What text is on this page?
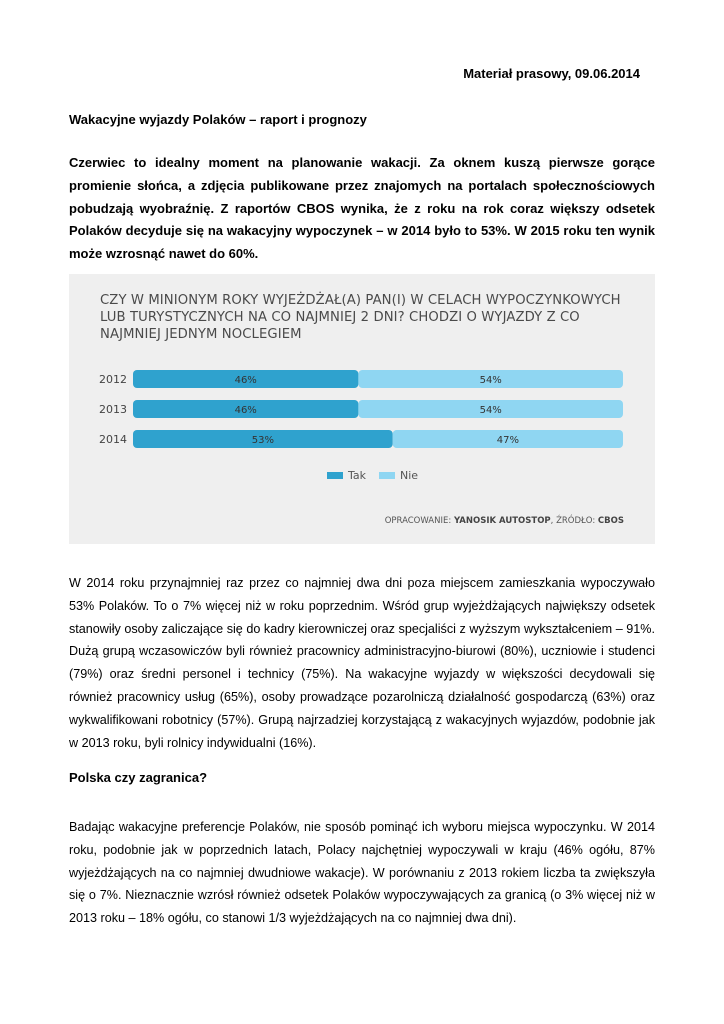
Materiał prasowy, 09.06.2014
Wakacyjne wyjazdy Polaków – raport i prognozy

Czerwiec to idealny moment na planowanie wakacji. Za oknem kuszą pierwsze gorące promienie słońca, a zdjęcia publikowane przez znajomych na portalach społecznościowych pobudzają wyobraźnię. Z raportów CBOS wynika, że z roku na rok coraz większy odsetek Polaków decyduje się na wakacyjny wypoczynek – w 2014 było to 53%. W 2015 roku ten wynik może wzrosnąć nawet do 60%.

CZY W MINIONYM ROKY WYJEŻDŻAŁ(A) PAN(I) W CELACH WYPOCZYNKOWYCH LUB TURYSTYCZNYCH NA CO NAJMNIEJ 2 DNI? CHODZI O WYJAZDY Z CO NAJMNIEJ JEDNYM NOCLEGIEM
2012	46%	54%
2013	46%	54%
2014	53%	47%
Tak	Nie
OPRACOWANIE: YANOSIK AUTOSTOP, ŹRÓDŁO: CBOS

W 2014 roku przynajmniej raz przez co najmniej dwa dni poza miejscem zamieszkania wypoczywało 53% Polaków. To o 7% więcej niż w roku poprzednim. Wśród grup wyjeżdżających największy odsetek stanowiły osoby zaliczające się do kadry kierowniczej oraz specjaliści z wyższym wykształceniem – 91%. Dużą grupą wczasowiczów byli również pracownicy administracyjno-biurowi (80%), uczniowie i studenci (79%) oraz średni personel i technicy (75%). Na wakacyjne wyjazdy w większości decydowali się również pracownicy usług (65%), osoby prowadzące pozarolniczą działalność gospodarczą (63%) oraz wykwalifikowani robotnicy (57%). Grupą najrzadziej korzystającą z wakacyjnych wyjazdów, podobnie jak w 2013 roku, byli rolnicy indywidualni (16%).

Polska czy zagranica?

Badając wakacyjne preferencje Polaków, nie sposób pominąć ich wyboru miejsca wypoczynku. W 2014 roku, podobnie jak w poprzednich latach, Polacy najchętniej wypoczywali w kraju (46% ogółu, 87% wyjeżdżających na co najmniej dwudniowe wakacje). W porównaniu z 2013 rokiem liczba ta zwiększyła się o 7%. Nieznacznie wzrósł również odsetek Polaków wypoczywających za granicą (o 3% więcej niż w 2013 roku – 18% ogółu, co stanowi 1/3 wyjeżdżających na co najmniej dwa dni).
